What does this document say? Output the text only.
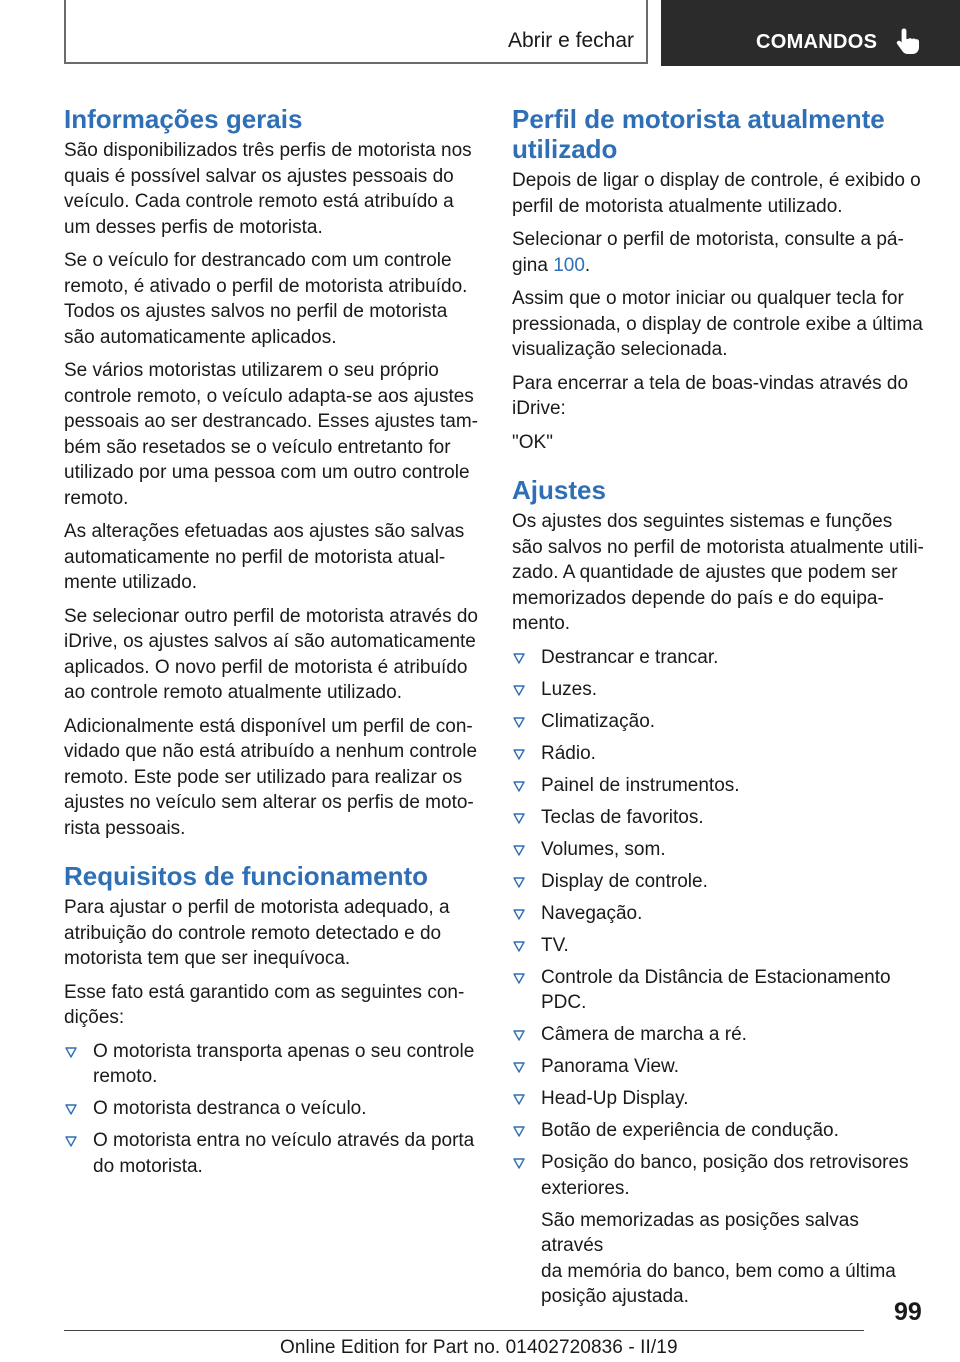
Abrir e fechar	COMANDOS
Informações gerais

São disponibilizados três perfis de motorista nos
quais é possível salvar os ajustes pessoais do
veículo. Cada controle remoto está atribuído a
um desses perfis de motorista.

Se o veículo for destrancado com um controle
remoto, é ativado o perfil de motorista atribuído.
Todos os ajustes salvos no perfil de motorista
são automaticamente aplicados.

Se vários motoristas utilizarem o seu próprio
controle remoto, o veículo adapta-se aos ajustes
pessoais ao ser destrancado. Esses ajustes tam‐
bém são resetados se o veículo entretanto for
utilizado por uma pessoa com um outro controle
remoto.

As alterações efetuadas aos ajustes são salvas
automaticamente no perfil de motorista atual‐
mente utilizado.

Se selecionar outro perfil de motorista através do
iDrive, os ajustes salvos aí são automaticamente
aplicados. O novo perfil de motorista é atribuído
ao controle remoto atualmente utilizado.

Adicionalmente está disponível um perfil de con‐
vidado que não está atribuído a nenhum controle
remoto. Este pode ser utilizado para realizar os
ajustes no veículo sem alterar os perfis de moto‐
rista pessoais.

Requisitos de funcionamento

Para ajustar o perfil de motorista adequado, a
atribuição do controle remoto detectado e do
motorista tem que ser inequívoca.

Esse fato está garantido com as seguintes con‐
dições:

O motorista transporta apenas o seu controle
remoto.
O motorista destranca o veículo.
O motorista entra no veículo através da porta
do motorista.
Perfil de motorista atualmente
utilizado

Depois de ligar o display de controle, é exibido o
perfil de motorista atualmente utilizado.

Selecionar o perfil de motorista, consulte a pá‐
gina 100.

Assim que o motor iniciar ou qualquer tecla for
pressionada, o display de controle exibe a última
visualização selecionada.

Para encerrar a tela de boas-vindas através do
iDrive:

"OK"

Ajustes

Os ajustes dos seguintes sistemas e funções
são salvos no perfil de motorista atualmente utili‐
zado. A quantidade de ajustes que podem ser
memorizados depende do país e do equipa‐
mento.

Destrancar e trancar.
Luzes.
Climatização.
Rádio.
Painel de instrumentos.
Teclas de favoritos.
Volumes, som.
Display de controle.
Navegação.
TV.
Controle da Distância de Estacionamento
PDC.
Câmera de marcha a ré.
Panorama View.
Head-Up Display.
Botão de experiência de condução.
Posição do banco, posição dos retrovisores
exteriores.
São memorizadas as posições salvas através
da memória do banco, bem como a última
posição ajustada.
99
Online Edition for Part no. 01402720836 - II/19
